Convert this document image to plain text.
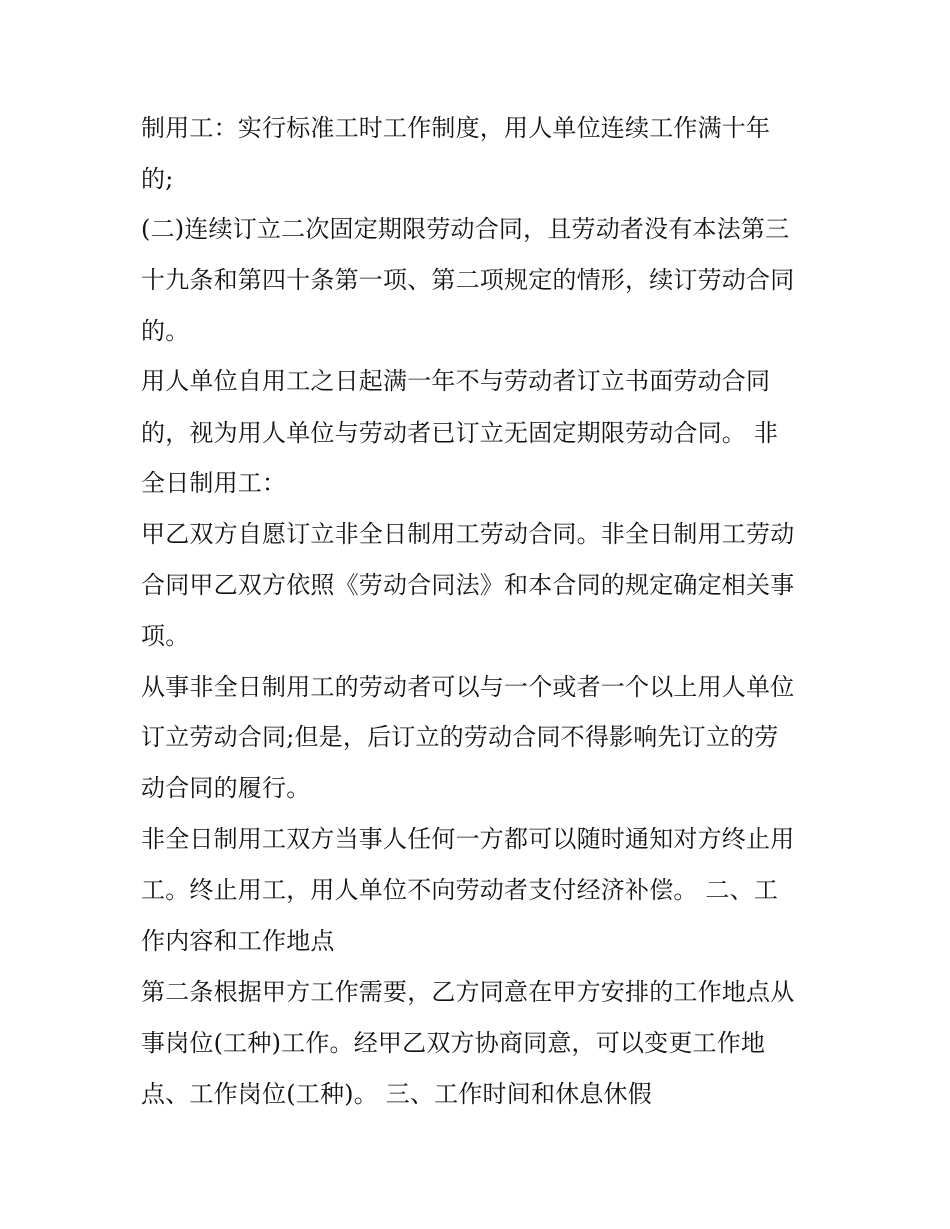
制用工：实行标准工时工作制度，用人单位连续工作满十年
的;
(二)连续订立二次固定期限劳动合同，且劳动者没有本法第三
十九条和第四十条第一项、第二项规定的情形，续订劳动合同
的。
用人单位自用工之日起满一年不与劳动者订立书面劳动合同
的，视为用人单位与劳动者已订立无固定期限劳动合同。 非
全日制用工：
甲乙双方自愿订立非全日制用工劳动合同。非全日制用工劳动
合同甲乙双方依照《劳动合同法》和本合同的规定确定相关事
项。
从事非全日制用工的劳动者可以与一个或者一个以上用人单位
订立劳动合同;但是，后订立的劳动合同不得影响先订立的劳
动合同的履行。
非全日制用工双方当事人任何一方都可以随时通知对方终止用
工。终止用工，用人单位不向劳动者支付经济补偿。 二、工
作内容和工作地点
第二条根据甲方工作需要，乙方同意在甲方安排的工作地点从
事岗位(工种)工作。经甲乙双方协商同意，可以变更工作地
点、工作岗位(工种)。 三、工作时间和休息休假
